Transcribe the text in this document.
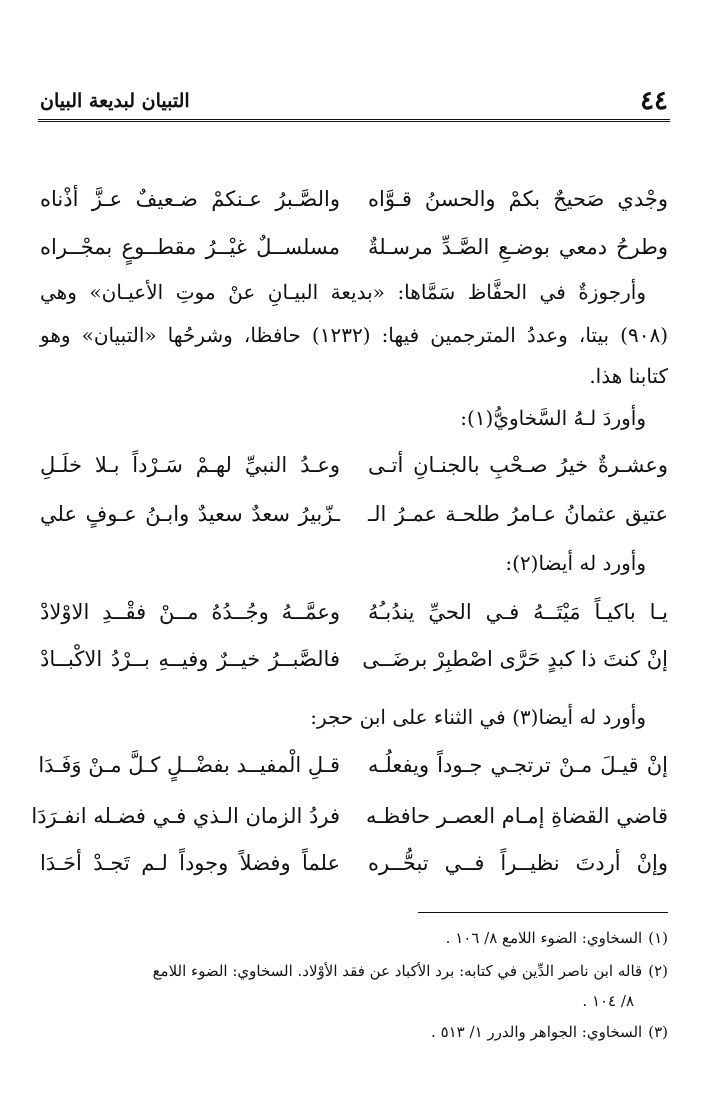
٤٤
التبيان لبديعة البيان
وجْدي صَحيحٌ بكمْ والحسنُ قـوَّاه
والصَّـبرُ عـنكمْ ضـعيفٌ عـزَّ أذْناه
وطرحُ دمعي بوضـعِ الصَّـدِّ مرسـلةٌ
مسلســلٌ غيْــرُ مقطــوعٍ بمجْــراه
وأرجوزةٌ في الحفَّاظ سَمَّاها: «بديعة البيـانِ عنْ موتِ الأعيـان» وهي
(٩٠٨) بيتا، وعددُ المترجمين فيها: (١٢٣٢) حافظا، وشرحُها «التبيان» وهو
كتابنا هذا.
وأوردَ لـهُ السَّخاويُّ(١):
وعشـرةٌ خيرُ صـحْبِ بالجنـانِ أتـى
وعـدُ النبيِّ لهـمْ سَـرْداً بـلا خلَـلِ
عتيق عثمانُ عـامرُ طلحـة عمـرُ الـ
ـزّبيرُ سعدٌ سعيدٌ وابـنُ عـوفٍ علي
وأورد له أيضا(٢):
يـا باكيـاً مَيْتَــهُ فـي الحيِّ يندُبـُهُ
وعمَّــهُ وجُــدُهُ مــنْ فقْــدِ الاوْلادْ
إنْ كنتَ ذا كبدٍ حَرَّى اصْطبِرْ برضَــى
فالصَّبــرُ خيــرٌ وفيــهِ بــرْدُ الاكْبــادْ
وأورد له أيضا(٣) في الثناء على ابن حجر:
إنْ قيـلَ مـنْ ترتجـي جـوداً ويفعلُـه
قـلِ الْمفيــد بفضْــلٍ كـلَّ مـنْ وَفَـدَا
قاضي القضاةِ إمـام العصـر حافظـه
فردُ الزمان الـذي فـي فضـله انفـرَدَا
وإنْ أردتَ نظيــراً فــي تبحُّــره
علماً وفضلاً وجوداً لـم تَجـدْ أحَـدَا
(١)السخاوي: الضوء اللامع ٨/ ١٠٦ .
(٢)قاله ابن ناصر الدِّين في كتابه: برد الأكباد عن فقد الأوْلاد. السخاوي: الضوء اللامع
٨/ ١٠٤ .
(٣)السخاوي: الجواهر والدرر ١/ ٥١٣ .
